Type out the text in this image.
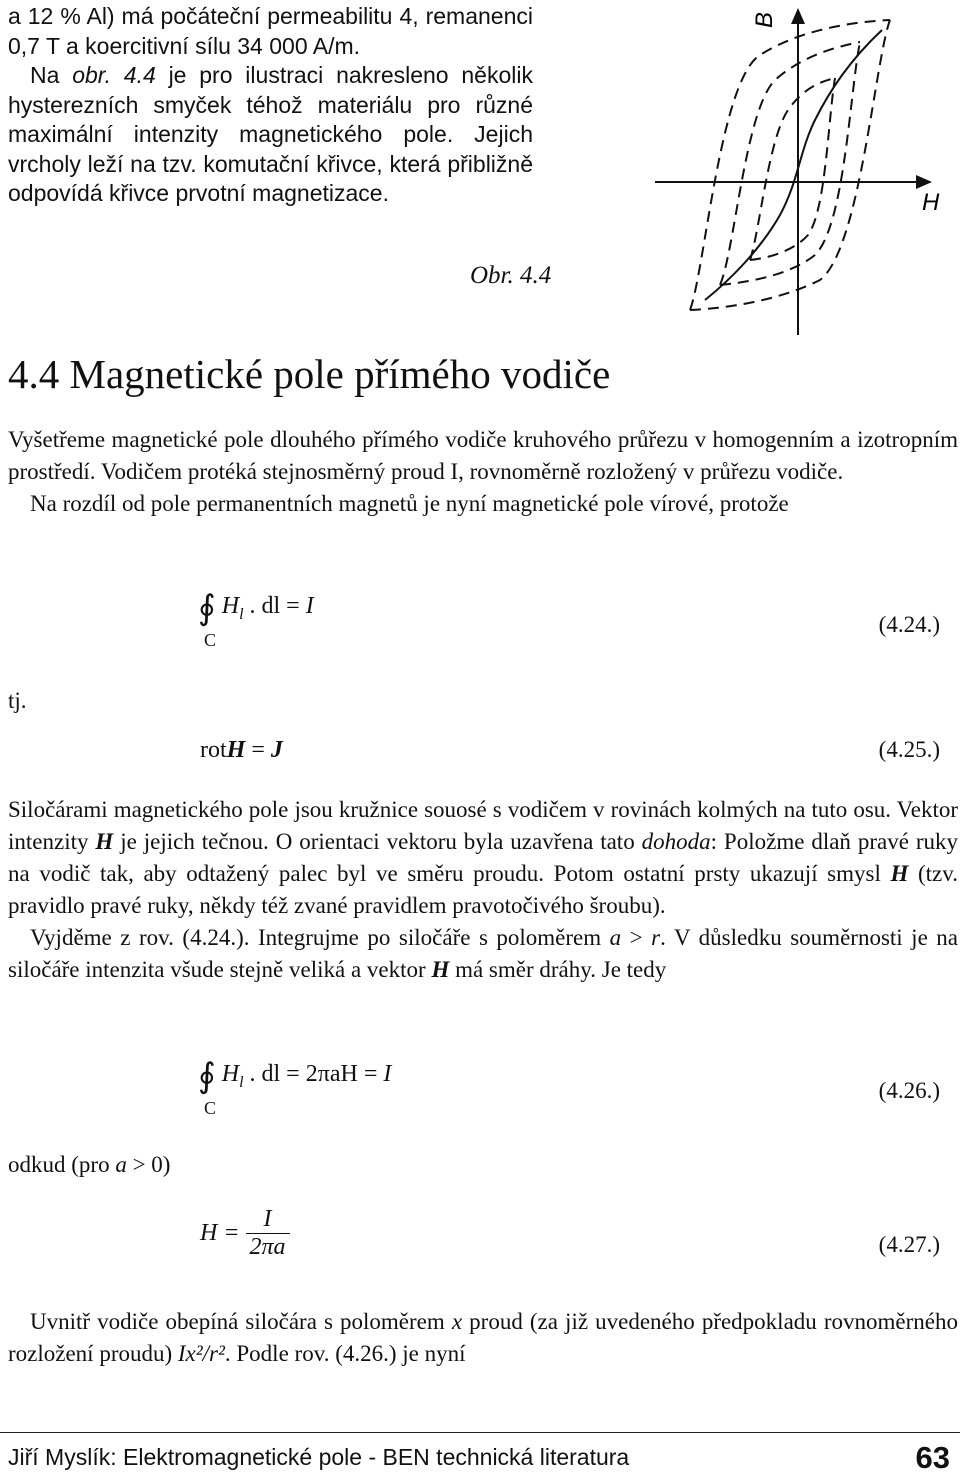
a 12 % Al) má počáteční permeabilitu 4, remanenci 0,7 T a koercitivní sílu 34 000 A/m.

Na obr. 4.4 je pro ilustraci nakresleno několik hysterezních smyček téhož materiálu pro různé maximální intenzity magnetického pole. Jejich vrcholy leží na tzv. komutační křivce, která přibližně odpovídá křivce prvotní magnetizace.

B
H
Obr. 4.4
4.4 Magnetické pole přímého vodiče

Vyšetřeme magnetické pole dlouhého přímého vodiče kruhového průřezu v homogenním a izotropním prostředí. Vodičem protéká stejnosměrný proud I, rovnoměrně rozložený v průřezu vodiče.

Na rozdíl od pole permanentních magnetů je nyní magnetické pole vírové, protože

∮ $H_l$ . dl = I
C
(4.24.)
tj.
rotH = J	(4.25.)

Siločárami magnetického pole jsou kružnice souosé s vodičem v rovinách kolmých na tuto osu. Vektor intenzity H je jejich tečnou. O orientaci vektoru byla uzavřena tato dohoda: Položme dlaň pravé ruky na vodič tak, aby odtažený palec byl ve směru proudu. Potom ostatní prsty ukazují smysl H (tzv. pravidlo pravé ruky, někdy též zvané pravidlem pravotočivého šroubu).

Vyjděme z rov. (4.24.). Integrujme po siločáře s poloměrem a > r. V důsledku souměrnosti je na siločáře intenzita všude stejně veliká a vektor H má směr dráhy. Je tedy

∮ $H_l$ . dl = 2πaH = I
C
(4.26.)
odkud (pro a > 0)
$H = \frac{I}{2\pi a}$	(4.27.)

Uvnitř vodiče obepíná siločára s poloměrem x proud (za již uvedeného předpokladu rovnoměrného rozložení proudu) Ix²/r². Podle rov. (4.26.) je nyní

Jiří Myslík: Elektromagnetické pole - BEN technická literatura	63
